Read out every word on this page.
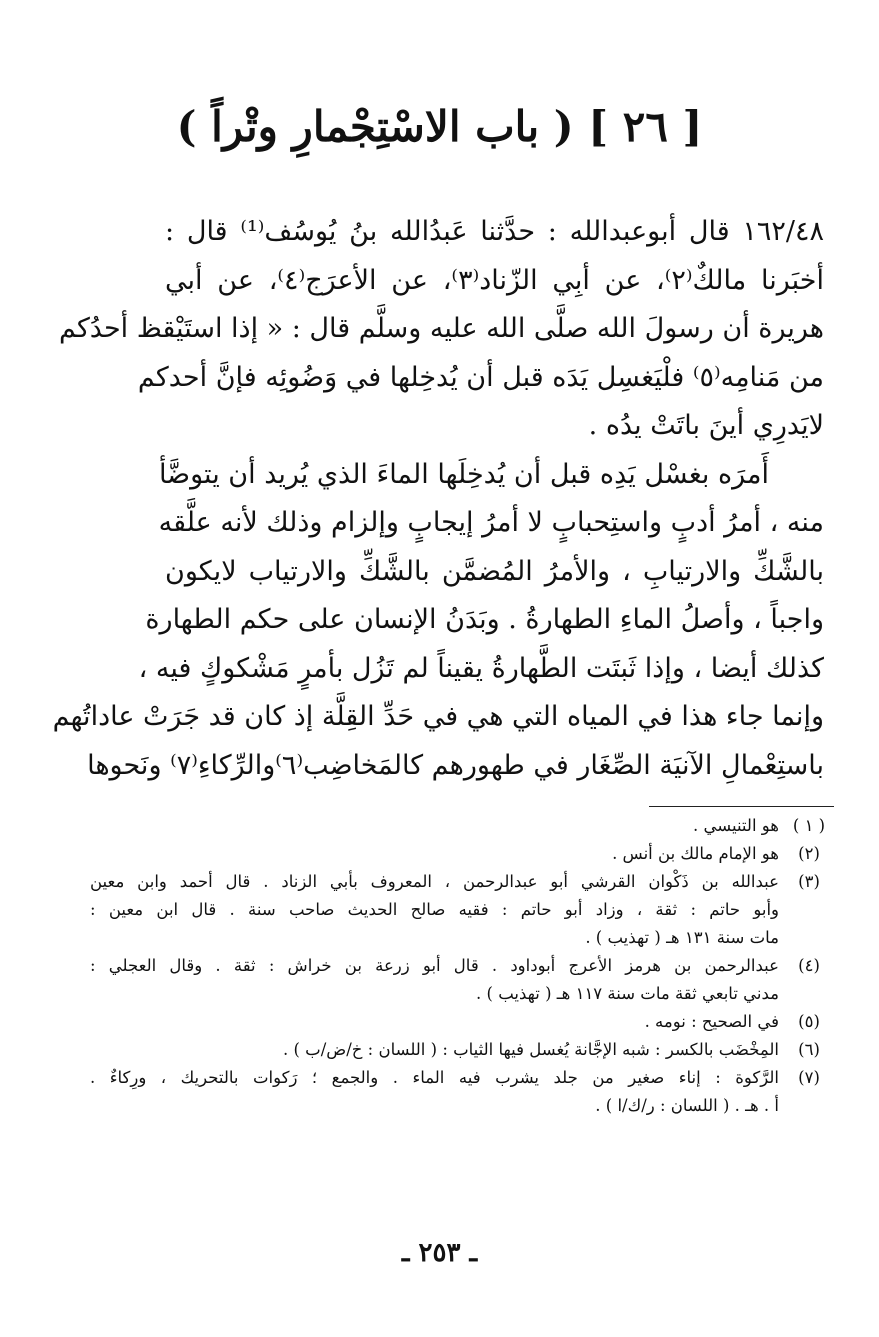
[ ٢٦ ] ( باب الاسْتِجْمارِ وتْراً )
١٦٢/٤٨ قال أبوعبدالله : حدَّثنا عَبدُالله بنُ يُوسُف⁽¹⁾ قال :
أخبَرنا مالكٌ⁽٢⁾، عن أبِي الزّناد⁽٣⁾، عن الأعرَج⁽٤⁾، عن أبي
هريرة أن رسولَ الله صلَّى الله عليه وسلَّم قال : « إذا استَيْقظ أحدُكم
من مَنامِه⁽٥⁾ فلْيَغسِل يَدَه قبل أن يُدخِلها في وَضُوئِه فإنَّ أحدكم
لايَدرِي أينَ باتَتْ يدُه .
أَمرَه بغسْل يَدِه قبل أن يُدخِلَها الماءَ الذي يُريد أن يتوضَّأ
منه ، أمرُ أدبٍ واستِحبابٍ لا أمرُ إيجابٍ وإلزام وذلك لأنه علَّقه
بالشَّكِّ والارتيابِ ، والأمرُ المُضمَّن بالشَّكِّ والارتياب لايكون
واجباً ، وأصلُ الماءِ الطهارةُ . وبَدَنُ الإنسان على حكم الطهارة
كذلك أيضا ، وإذا ثَبتَت الطَّهارةُ يقيناً لم تَزُل بأمرٍ مَشْكوكٍ فيه ،
وإنما جاء هذا في المياه التي هي في حَدِّ القِلَّة إذ كان قد جَرَتْ عاداتُهم
باستِعْمالِ الآنيَة الصِّغَار في طهورهم كالمَخاضِب⁽٦⁾والرِّكاءِ⁽٧⁾ ونَحوها
( ١ )
هو التنيسي .
(٢)
هو الإمام مالك بن أنس .
(٣)
عبدالله بن ذَكْوان القرشي أبو عبدالرحمن ، المعروف بأبي الزناد . قال أحمد وابن معين
وأبو حاتم : ثقة ، وزاد أبو حاتم : فقيه صالح الحديث صاحب سنة . قال ابن معين :
مات سنة ١٣١ هـ ( تهذيب ) .
(٤)
عبدالرحمن بن هرمز الأعرج أبوداود . قال أبو زرعة بن خراش : ثقة . وقال العجلي :
مدني تابعي ثقة مات سنة ١١٧ هـ ( تهذيب ) .
(٥)
في الصحيح : نومه .
(٦)
المِخْضَب بالكسر : شبه الإجَّانة يُغسل فيها الثياب : ( اللسان : خ/ض/ب ) .
(٧)
الرَّكوة : إناء صغير من جلد يشرب فيه الماء . والجمع ؛ رَكوات بالتحريك ، ورِكاءٌ .
أ . هـ . ( اللسان : ر/ك/ا ) .
ـ ٢٥٣ ـ
